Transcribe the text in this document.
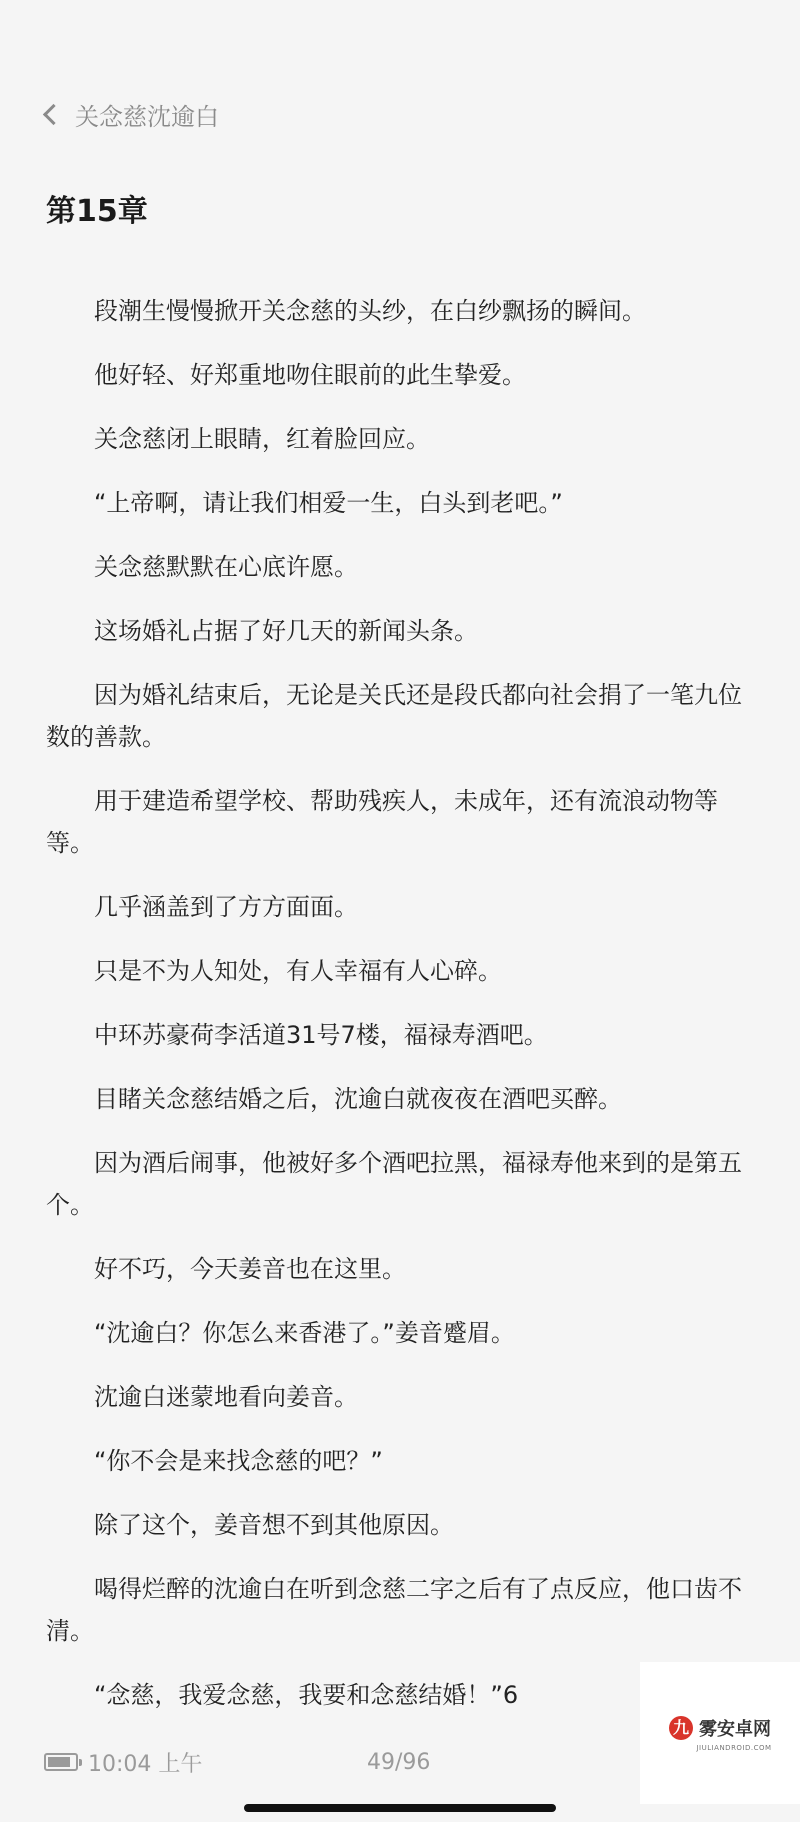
关念慈沈逾白
第15章

段潮生慢慢掀开关念慈的头纱，在白纱飘扬的瞬间。

他好轻、好郑重地吻住眼前的此生挚爱。

关念慈闭上眼睛，红着脸回应。

“上帝啊，请让我们相爱一生，白头到老吧。”

关念慈默默在心底许愿。

这场婚礼占据了好几天的新闻头条。

因为婚礼结束后，无论是关氏还是段氏都向社会捐了一笔九位数的善款。

用于建造希望学校、帮助残疾人，未成年，还有流浪动物等等。

几乎涵盖到了方方面面。

只是不为人知处，有人幸福有人心碎。

中环苏豪荷李活道31号7楼，福禄寿酒吧。

目睹关念慈结婚之后，沈逾白就夜夜在酒吧买醉。

因为酒后闹事，他被好多个酒吧拉黑，福禄寿他来到的是第五个。

好不巧，今天姜音也在这里。

“沈逾白？你怎么来香港了。”姜音蹙眉。

沈逾白迷蒙地看向姜音。

“你不会是来找念慈的吧？”

除了这个，姜音想不到其他原因。

喝得烂醉的沈逾白在听到念慈二字之后有了点反应，他口齿不清。

“念慈，我爱念慈，我要和念慈结婚！”6

10:04 上午	49/96
九 雾安卓网
JIULIANDROID.COM
